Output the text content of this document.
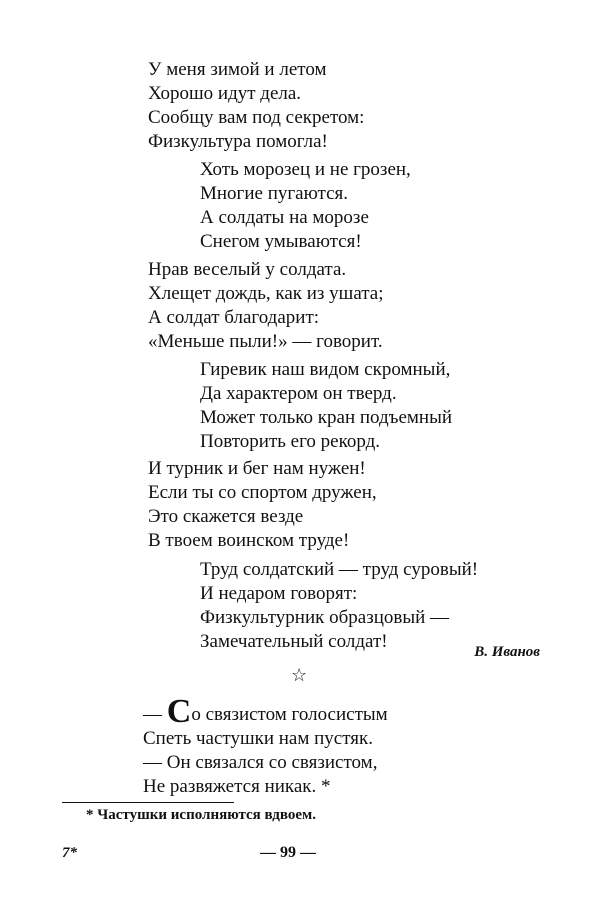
У меня зимой и летом
Хорошо идут дела.
Сообщу вам под секретом:
Физкультура помогла!
Хоть морозец и не грозен,
Многие пугаются.
А солдаты на морозе
Снегом умываются!
Нрав веселый у солдата.
Хлещет дождь, как из ушата;
А солдат благодарит:
«Меньше пыли!» — говорит.
Гиревик наш видом скромный,
Да характером он тверд.
Может только кран подъемный
Повторить его рекорд.
И турник и бег нам нужен!
Если ты со спортом дружен,
Это скажется везде
В твоем воинском труде!
Труд солдатский — труд суровый!
И недаром говорят:
Физкультурник образцовый —
Замечательный солдат!	В. Иванов
☆
— Со связистом голосистым
Спеть частушки нам пустяк.
— Он связался со связистом,
Не развяжется никак. *
* Частушки исполняются вдвоем.
7*	— 99 —
